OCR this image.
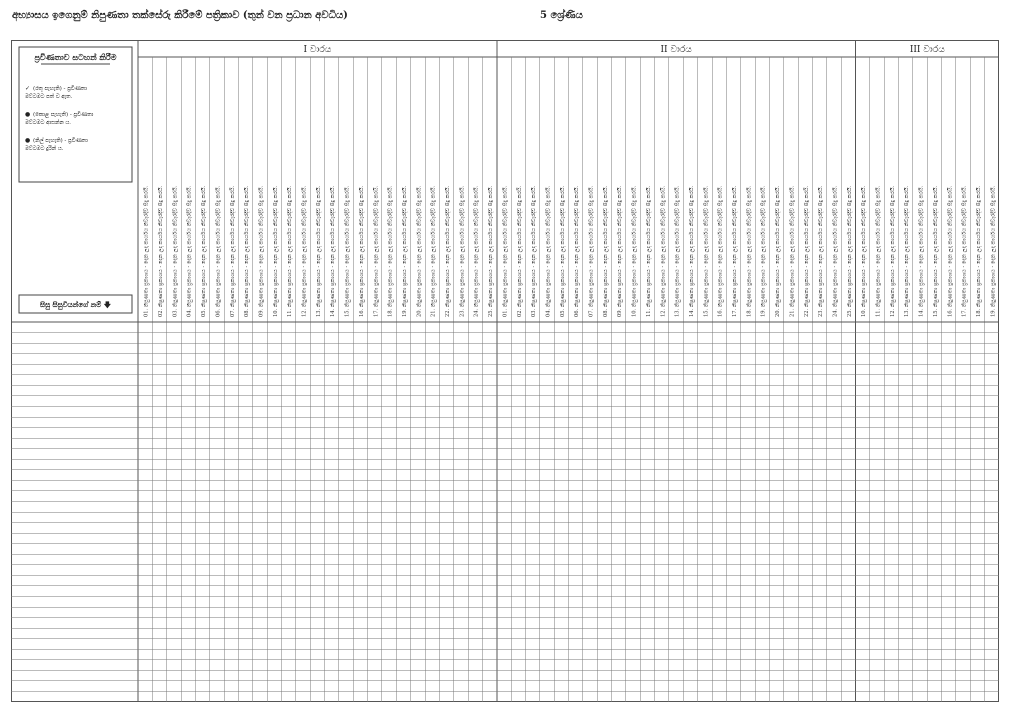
අභ්‍යාසය ඉගෙනුම් නිපුණතා තක්සේරු කිරීමේ පත්‍රිකාව (තුන් වන ප්‍රධාන අවධිය)	5 ශ්‍රේණිය
I වාරය
01. නිපුණතා ප්‍රකාශය - දෙන ලද කාර්යය නිවැරදිව සිදු කරයි. 02. නිපුණතා ප්‍රකාශය - දෙන ලද කාර්යය නිවැරදිව සිදු කරයි. 03. නිපුණතා ප්‍රකාශය - දෙන ලද කාර්යය නිවැරදිව සිදු කරයි. 04. නිපුණතා ප්‍රකාශය - දෙන ලද කාර්යය නිවැරදිව සිදු කරයි. 05. නිපුණතා ප්‍රකාශය - දෙන ලද කාර්යය නිවැරදිව සිදු කරයි. 06. නිපුණතා ප්‍රකාශය - දෙන ලද කාර්යය නිවැරදිව සිදු කරයි. 07. නිපුණතා ප්‍රකාශය - දෙන ලද කාර්යය නිවැරදිව සිදු කරයි. 08. නිපුණතා ප්‍රකාශය - දෙන ලද කාර්යය නිවැරදිව සිදු කරයි. 09. නිපුණතා ප්‍රකාශය - දෙන ලද කාර්යය නිවැරදිව සිදු කරයි. 10. නිපුණතා ප්‍රකාශය - දෙන ලද කාර්යය නිවැරදිව සිදු කරයි. 11. නිපුණතා ප්‍රකාශය - දෙන ලද කාර්යය නිවැරදිව සිදු කරයි. 12. නිපුණතා ප්‍රකාශය - දෙන ලද කාර්යය නිවැරදිව සිදු කරයි. 13. නිපුණතා ප්‍රකාශය - දෙන ලද කාර්යය නිවැරදිව සිදු කරයි. 14. නිපුණතා ප්‍රකාශය - දෙන ලද කාර්යය නිවැරදිව සිදු කරයි. 15. නිපුණතා ප්‍රකාශය - දෙන ලද කාර්යය නිවැරදිව සිදු කරයි. 16. නිපුණතා ප්‍රකාශය - දෙන ලද කාර්යය නිවැරදිව සිදු කරයි. 17. නිපුණතා ප්‍රකාශය - දෙන ලද කාර්යය නිවැරදිව සිදු කරයි. 18. නිපුණතා ප්‍රකාශය - දෙන ලද කාර්යය නිවැරදිව සිදු කරයි. 19. නිපුණතා ප්‍රකාශය - දෙන ලද කාර්යය නිවැරදිව සිදු කරයි. 20. නිපුණතා ප්‍රකාශය - දෙන ලද කාර්යය නිවැරදිව සිදු කරයි. 21. නිපුණතා ප්‍රකාශය - දෙන ලද කාර්යය නිවැරදිව සිදු කරයි. 22. නිපුණතා ප්‍රකාශය - දෙන ලද කාර්යය නිවැරදිව සිදු කරයි. 23. නිපුණතා ප්‍රකාශය - දෙන ලද කාර්යය නිවැරදිව සිදු කරයි. 24. නිපුණතා ප්‍රකාශය - දෙන ලද කාර්යය නිවැරදිව සිදු කරයි. 25. නිපුණතා ප්‍රකාශය - දෙන ලද කාර්යය නිවැරදිව සිදු කරයි.
II වාරය
01. නිපුණතා ප්‍රකාශය - දෙන ලද කාර්යය නිවැරදිව සිදු කරයි. 02. නිපුණතා ප්‍රකාශය - දෙන ලද කාර්යය නිවැරදිව සිදු කරයි. 03. නිපුණතා ප්‍රකාශය - දෙන ලද කාර්යය නිවැරදිව සිදු කරයි. 04. නිපුණතා ප්‍රකාශය - දෙන ලද කාර්යය නිවැරදිව සිදු කරයි. 05. නිපුණතා ප්‍රකාශය - දෙන ලද කාර්යය නිවැරදිව සිදු කරයි. 06. නිපුණතා ප්‍රකාශය - දෙන ලද කාර්යය නිවැරදිව සිදු කරයි. 07. නිපුණතා ප්‍රකාශය - දෙන ලද කාර්යය නිවැරදිව සිදු කරයි. 08. නිපුණතා ප්‍රකාශය - දෙන ලද කාර්යය නිවැරදිව සිදු කරයි. 09. නිපුණතා ප්‍රකාශය - දෙන ලද කාර්යය නිවැරදිව සිදු කරයි. 10. නිපුණතා ප්‍රකාශය - දෙන ලද කාර්යය නිවැරදිව සිදු කරයි. 11. නිපුණතා ප්‍රකාශය - දෙන ලද කාර්යය නිවැරදිව සිදු කරයි. 12. නිපුණතා ප්‍රකාශය - දෙන ලද කාර්යය නිවැරදිව සිදු කරයි. 13. නිපුණතා ප්‍රකාශය - දෙන ලද කාර්යය නිවැරදිව සිදු කරයි. 14. නිපුණතා ප්‍රකාශය - දෙන ලද කාර්යය නිවැරදිව සිදු කරයි. 15. නිපුණතා ප්‍රකාශය - දෙන ලද කාර්යය නිවැරදිව සිදු කරයි. 16. නිපුණතා ප්‍රකාශය - දෙන ලද කාර්යය නිවැරදිව සිදු කරයි. 17. නිපුණතා ප්‍රකාශය - දෙන ලද කාර්යය නිවැරදිව සිදු කරයි. 18. නිපුණතා ප්‍රකාශය - දෙන ලද කාර්යය නිවැරදිව සිදු කරයි. 19. නිපුණතා ප්‍රකාශය - දෙන ලද කාර්යය නිවැරදිව සිදු කරයි. 20. නිපුණතා ප්‍රකාශය - දෙන ලද කාර්යය නිවැරදිව සිදු කරයි. 21. නිපුණතා ප්‍රකාශය - දෙන ලද කාර්යය නිවැරදිව සිදු කරයි. 22. නිපුණතා ප්‍රකාශය - දෙන ලද කාර්යය නිවැරදිව සිදු කරයි. 23. නිපුණතා ප්‍රකාශය - දෙන ලද කාර්යය නිවැරදිව සිදු කරයි. 24. නිපුණතා ප්‍රකාශය - දෙන ලද කාර්යය නිවැරදිව සිදු කරයි. 25. නිපුණතා ප්‍රකාශය - දෙන ලද කාර්යය නිවැරදිව සිදු කරයි.
III වාරය
10. නිපුණතා ප්‍රකාශය - දෙන ලද කාර්යය නිවැරදිව සිදු කරයි. 11. නිපුණතා ප්‍රකාශය - දෙන ලද කාර්යය නිවැරදිව සිදු කරයි. 12. නිපුණතා ප්‍රකාශය - දෙන ලද කාර්යය නිවැරදිව සිදු කරයි. 13. නිපුණතා ප්‍රකාශය - දෙන ලද කාර්යය නිවැරදිව සිදු කරයි. 14. නිපුණතා ප්‍රකාශය - දෙන ලද කාර්යය නිවැරදිව සිදු කරයි. 15. නිපුණතා ප්‍රකාශය - දෙන ලද කාර්යය නිවැරදිව සිදු කරයි. 16. නිපුණතා ප්‍රකාශය - දෙන ලද කාර්යය නිවැරදිව සිදු කරයි. 17. නිපුණතා ප්‍රකාශය - දෙන ලද කාර්යය නිවැරදිව සිදු කරයි. 18. නිපුණතා ප්‍රකාශය - දෙන ලද කාර්යය නිවැරදිව සිදු කරයි. 19. නිපුණතා ප්‍රකාශය - දෙන ලද කාර්යය නිවැරදිව සිදු කරයි.
ප්‍රවීණතාව සටහන් කිරීම
✓ (රතු පැහැති) - ප්‍රවීණතා මට්ටමට පත් ව ඇත.
● (කොළ පැහැති) - ප්‍රවීණතා මට්ටමට ආසන්න ය.
● (නිල් පැහැති) - ප්‍රවීණතා මට්ටමට දුරින් ය.
සිසු සිසුවියන්ගේ නම් 🡇
